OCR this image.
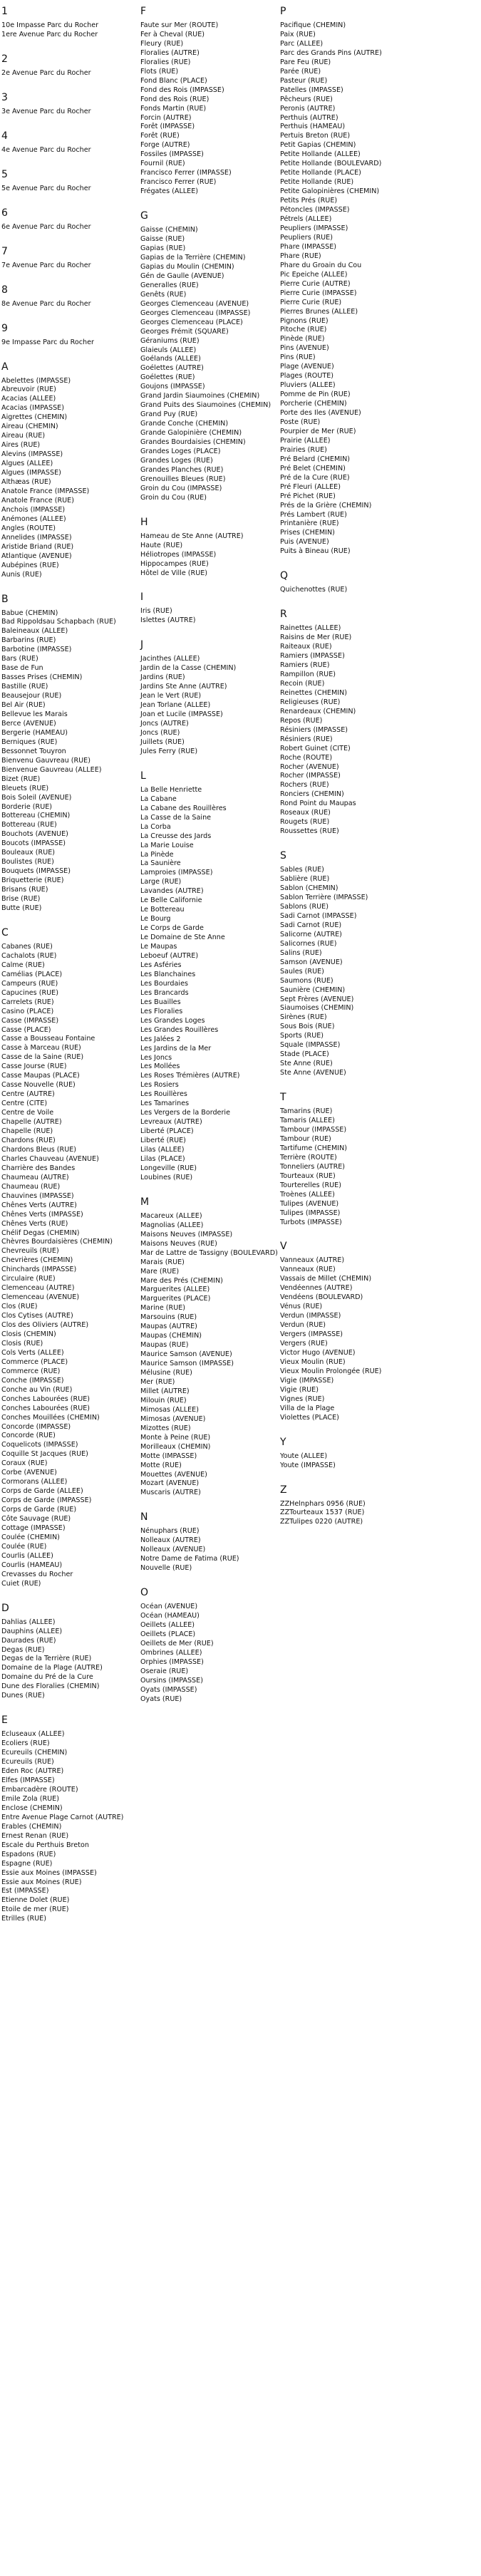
1
10e Impasse Parc du Rocher
1ere Avenue Parc du Rocher
2
2e Avenue Parc du Rocher
3
3e Avenue Parc du Rocher
4
4e Avenue Parc du Rocher
5
5e Avenue Parc du Rocher
6
6e Avenue Parc du Rocher
7
7e Avenue Parc du Rocher
8
8e Avenue Parc du Rocher
9
9e Impasse Parc du Rocher
A
Abelettes (IMPASSE)
Abreuvoir (RUE)
Acacias (ALLEE)
Acacias (IMPASSE)
Aigrettes (CHEMIN)
Aireau (CHEMIN)
Aireau (RUE)
Aires (RUE)
Alevins (IMPASSE)
Algues (ALLEE)
Algues (IMPASSE)
Althæas (RUE)
Anatole France (IMPASSE)
Anatole France (RUE)
Anchois (IMPASSE)
Anémones (ALLEE)
Angles (ROUTE)
Annelides (IMPASSE)
Aristide Briand (RUE)
Atlantique (AVENUE)
Aubépines (RUE)
Aunis (RUE)
B
Babue (CHEMIN)
Bad Rippoldsau Schapbach (RUE)
Baleineaux (ALLEE)
Barbarins (RUE)
Barbotine (IMPASSE)
Bars (RUE)
Base de Fun
Basses Prises (CHEMIN)
Bastille (RUE)
Beausejour (RUE)
Bel Air (RUE)
Bellevue les Marais
Berce (AVENUE)
Bergerie (HAMEAU)
Berniques (RUE)
Bessonnet Touyron
Bienvenu Gauvreau (RUE)
Bienvenue Gauvreau (ALLEE)
Bizet (RUE)
Bleuets (RUE)
Bois Soleil (AVENUE)
Borderie (RUE)
Bottereau (CHEMIN)
Bottereau (RUE)
Bouchots (AVENUE)
Boucots (IMPASSE)
Bouleaux (RUE)
Boulistes (RUE)
Bouquets (IMPASSE)
Briquetterie (RUE)
Brisans (RUE)
Brise (RUE)
Butte (RUE)
C
Cabanes (RUE)
Cachalots (RUE)
Calme (RUE)
Camélias (PLACE)
Campeurs (RUE)
Capucines (RUE)
Carrelets (RUE)
Casino (PLACE)
Casse (IMPASSE)
Casse (PLACE)
Casse a Bousseau Fontaine
Casse à Marceau (RUE)
Casse de la Saine (RUE)
Casse Jourse (RUE)
Casse Maupas (PLACE)
Casse Nouvelle (RUE)
Centre (AUTRE)
Centre (CITE)
Centre de Voile
Chapelle (AUTRE)
Chapelle (RUE)
Chardons (RUE)
Chardons Bleus (RUE)
Charles Chauveau (AVENUE)
Charrière des Bandes
Chaumeau (AUTRE)
Chaumeau (RUE)
Chauvines (IMPASSE)
Chênes Verts (AUTRE)
Chênes Verts (IMPASSE)
Chênes Verts (RUE)
Chélif Degas (CHEMIN)
Chèvres Bourdaisières (CHEMIN)
Chevreuils (RUE)
Chevrières (CHEMIN)
Chinchards (IMPASSE)
Circulaire (RUE)
Clemenceau (AUTRE)
Clemenceau (AVENUE)
Clos (RUE)
Clos Cytises (AUTRE)
Clos des Oliviers (AUTRE)
Closis (CHEMIN)
Closis (RUE)
Cols Verts (ALLEE)
Commerce (PLACE)
Commerce (RUE)
Conche (IMPASSE)
Conche au Vin (RUE)
Conches Labourées (RUE)
Conches Labourées (RUE)
Conches Mouillées (CHEMIN)
Concorde (IMPASSE)
Concorde (RUE)
Coquelicots (IMPASSE)
Coquille St Jacques (RUE)
Coraux (RUE)
Corbe (AVENUE)
Cormorans (ALLEE)
Corps de Garde (ALLEE)
Corps de Garde (IMPASSE)
Corps de Garde (RUE)
Côte Sauvage (RUE)
Cottage (IMPASSE)
Coulée (CHEMIN)
Coulée (RUE)
Courlis (ALLEE)
Courlis (HAMEAU)
Crevasses du Rocher
Cuiet (RUE)
D
Dahlias (ALLEE)
Dauphins (ALLEE)
Daurades (RUE)
Degas (RUE)
Degas de la Terrière (RUE)
Domaine de la Plage (AUTRE)
Domaine du Pré de la Cure
Dune des Floralies (CHEMIN)
Dunes (RUE)
E
Ecluseaux (ALLEE)
Ecoliers (RUE)
Ecureuils (CHEMIN)
Ecureuils (RUE)
Eden Roc (AUTRE)
Elfes (IMPASSE)
Embarcadère (ROUTE)
Emile Zola (RUE)
Enclose (CHEMIN)
Entre Avenue Plage Carnot (AUTRE)
Erables (CHEMIN)
Ernest Renan (RUE)
Escale du Perthuis Breton
Espadons (RUE)
Espagne (RUE)
Essie aux Moines (IMPASSE)
Essie aux Moines (RUE)
Est (IMPASSE)
Etienne Dolet (RUE)
Etoile de mer (RUE)
Etrilles (RUE)
F
Faute sur Mer (ROUTE)
Fer à Cheval (RUE)
Fleury (RUE)
Floralies (AUTRE)
Floralies (RUE)
Flots (RUE)
Fond Blanc (PLACE)
Fond des Rois (IMPASSE)
Fond des Rois (RUE)
Fonds Martin (RUE)
Forcin (AUTRE)
Forêt (IMPASSE)
Forêt (RUE)
Forge (AUTRE)
Fossiles (IMPASSE)
Fournil (RUE)
Francisco Ferrer (IMPASSE)
Francisco Ferrer (RUE)
Frégates (ALLEE)
G
Gaisse (CHEMIN)
Gaisse (RUE)
Gapias (RUE)
Gapias de la Terrière (CHEMIN)
Gapias du Moulin (CHEMIN)
Gén de Gaulle (AVENUE)
Generalles (RUE)
Genêts (RUE)
Georges Clemenceau (AVENUE)
Georges Clemenceau (IMPASSE)
Georges Clemenceau (PLACE)
Georges Frémit (SQUARE)
Géraniums (RUE)
Glaieuls (ALLEE)
Goélands (ALLEE)
Goélettes (AUTRE)
Goélettes (RUE)
Goujons (IMPASSE)
Grand Jardin Siaumoines (CHEMIN)
Grand Puits des Siaumoines (CHEMIN)
Grand Puy (RUE)
Grande Conche (CHEMIN)
Grande Galopinière (CHEMIN)
Grandes Bourdaisies (CHEMIN)
Grandes Loges (PLACE)
Grandes Loges (RUE)
Grandes Planches (RUE)
Grenouilles Bleues (RUE)
Groin du Cou (IMPASSE)
Groin du Cou (RUE)
H
Hameau de Ste Anne (AUTRE)
Haute (RUE)
Héliotropes (IMPASSE)
Hippocampes (RUE)
Hôtel de Ville (RUE)
I
Iris (RUE)
Islettes (AUTRE)
J
Jacinthes (ALLEE)
Jardin de la Casse (CHEMIN)
Jardins (RUE)
Jardins Ste Anne (AUTRE)
Jean le Vert (RUE)
Jean Torlane (ALLEE)
Joan et Lucile (IMPASSE)
Joncs (AUTRE)
Joncs (RUE)
Juillets (RUE)
Jules Ferry (RUE)
L
La Belle Henriette
La Cabane
La Cabane des Rouillères
La Casse de la Saine
La Corba
La Creusse des Jards
La Marie Louise
La Pinède
La Saunière
Lamproies (IMPASSE)
Large (RUE)
Lavandes (AUTRE)
Le Belle Californie
Le Bottereau
Le Bourg
Le Corps de Garde
Le Domaine de Ste Anne
Le Maupas
Leboeuf (AUTRE)
Les Asféries
Les Blanchaines
Les Bourdaies
Les Brancards
Les Buailles
Les Floralies
Les Grandes Loges
Les Grandes Rouillères
Les Jalées 2
Les Jardins de la Mer
Les Joncs
Les Mollées
Les Roses Trémières (AUTRE)
Les Rosiers
Les Rouillères
Les Tamarines
Les Vergers de la Borderie
Levreaux (AUTRE)
Liberté (PLACE)
Liberté (RUE)
Lilas (ALLEE)
Lilas (PLACE)
Longeville (RUE)
Loubines (RUE)
M
Macareux (ALLEE)
Magnolias (ALLEE)
Maisons Neuves (IMPASSE)
Maisons Neuves (RUE)
Mar de Lattre de Tassigny (BOULEVARD)
Marais (RUE)
Mare (RUE)
Mare des Prés (CHEMIN)
Marguerites (ALLEE)
Marguerites (PLACE)
Marine (RUE)
Marsouins (RUE)
Maupas (AUTRE)
Maupas (CHEMIN)
Maupas (RUE)
Maurice Samson (AVENUE)
Maurice Samson (IMPASSE)
Mélusine (RUE)
Mer (RUE)
Millet (AUTRE)
Milouin (RUE)
Mimosas (ALLEE)
Mimosas (AVENUE)
Mizottes (RUE)
Monte à Peine (RUE)
Morilleaux (CHEMIN)
Motte (IMPASSE)
Motte (RUE)
Mouettes (AVENUE)
Mozart (AVENUE)
Muscaris (AUTRE)
N
Nénuphars (RUE)
Nolleaux (AUTRE)
Nolleaux (AVENUE)
Notre Dame de Fatima (RUE)
Nouvelle (RUE)
O
Océan (AVENUE)
Océan (HAMEAU)
Oeillets (ALLEE)
Oeillets (PLACE)
Oeillets de Mer (RUE)
Ombrines (ALLEE)
Orphies (IMPASSE)
Oseraie (RUE)
Oursins (IMPASSE)
Oyats (IMPASSE)
Oyats (RUE)
P
Pacifique (CHEMIN)
Paix (RUE)
Parc (ALLEE)
Parc des Grands Pins (AUTRE)
Pare Feu (RUE)
Parée (RUE)
Pasteur (RUE)
Patelles (IMPASSE)
Pêcheurs (RUE)
Peronis (AUTRE)
Perthuis (AUTRE)
Perthuis (HAMEAU)
Pertuis Breton (RUE)
Petit Gapias (CHEMIN)
Petite Hollande (ALLEE)
Petite Hollande (BOULEVARD)
Petite Hollande (PLACE)
Petite Hollande (RUE)
Petite Galopinières (CHEMIN)
Petits Prés (RUE)
Pétoncles (IMPASSE)
Pétrels (ALLEE)
Peupliers (IMPASSE)
Peupliers (RUE)
Phare (IMPASSE)
Phare (RUE)
Phare du Groain du Cou
Pic Epeiche (ALLEE)
Pierre Curie (AUTRE)
Pierre Curie (IMPASSE)
Pierre Curie (RUE)
Pierres Brunes (ALLEE)
Pignons (RUE)
Pitoche (RUE)
Pinède (RUE)
Pins (AVENUE)
Pins (RUE)
Plage (AVENUE)
Plages (ROUTE)
Pluviers (ALLEE)
Pomme de Pin (RUE)
Porcherie (CHEMIN)
Porte des Iles (AVENUE)
Poste (RUE)
Pourpier de Mer (RUE)
Prairie (ALLEE)
Prairies (RUE)
Pré Belard (CHEMIN)
Pré Belet (CHEMIN)
Pré de la Cure (RUE)
Pré Fleuri (ALLEE)
Pré Pichet (RUE)
Prés de la Grière (CHEMIN)
Prés Lambert (RUE)
Printanière (RUE)
Prises (CHEMIN)
Puis (AVENUE)
Puits à Bineau (RUE)
Q
Quichenottes (RUE)
R
Rainettes (ALLEE)
Raisins de Mer (RUE)
Raiteaux (RUE)
Ramiers (IMPASSE)
Ramiers (RUE)
Rampillon (RUE)
Recoin (RUE)
Reinettes (CHEMIN)
Religieuses (RUE)
Renardeaux (CHEMIN)
Repos (RUE)
Résiniers (IMPASSE)
Résiniers (RUE)
Robert Guinet (CITE)
Roche (ROUTE)
Rocher (AVENUE)
Rocher (IMPASSE)
Rochers (RUE)
Ronciers (CHEMIN)
Rond Point du Maupas
Roseaux (RUE)
Rougets (RUE)
Roussettes (RUE)
S
Sables (RUE)
Sablière (RUE)
Sablon (CHEMIN)
Sablon Terrière (IMPASSE)
Sablons (RUE)
Sadi Carnot (IMPASSE)
Sadi Carnot (RUE)
Salicorne (AUTRE)
Salicornes (RUE)
Salins (RUE)
Samson (AVENUE)
Saules (RUE)
Saumons (RUE)
Saunière (CHEMIN)
Sept Frères (AVENUE)
Siaumoises (CHEMIN)
Sirènes (RUE)
Sous Bois (RUE)
Sports (RUE)
Squale (IMPASSE)
Stade (PLACE)
Ste Anne (RUE)
Ste Anne (AVENUE)
T
Tamarins (RUE)
Tamaris (ALLEE)
Tambour (IMPASSE)
Tambour (RUE)
Tartifume (CHEMIN)
Terrière (ROUTE)
Tonneliers (AUTRE)
Tourteaux (RUE)
Tourterelles (RUE)
Troènes (ALLEE)
Tulipes (AVENUE)
Tulipes (IMPASSE)
Turbots (IMPASSE)
V
Vanneaux (AUTRE)
Vanneaux (RUE)
Vassais de Millet (CHEMIN)
Vendéennes (AUTRE)
Vendéens (BOULEVARD)
Vénus (RUE)
Verdun (IMPASSE)
Verdun (RUE)
Vergers (IMPASSE)
Vergers (RUE)
Victor Hugo (AVENUE)
Vieux Moulin (RUE)
Vieux Moulin Prolongée (RUE)
Vigie (IMPASSE)
Vigie (RUE)
Vignes (RUE)
Villa de la Plage
Violettes (PLACE)
Y
Youte (ALLEE)
Youte (IMPASSE)
Z
ZZHelnphars 0956 (RUE)
ZZTourteaux 1537 (RUE)
ZZTulipes 0220 (AUTRE)
